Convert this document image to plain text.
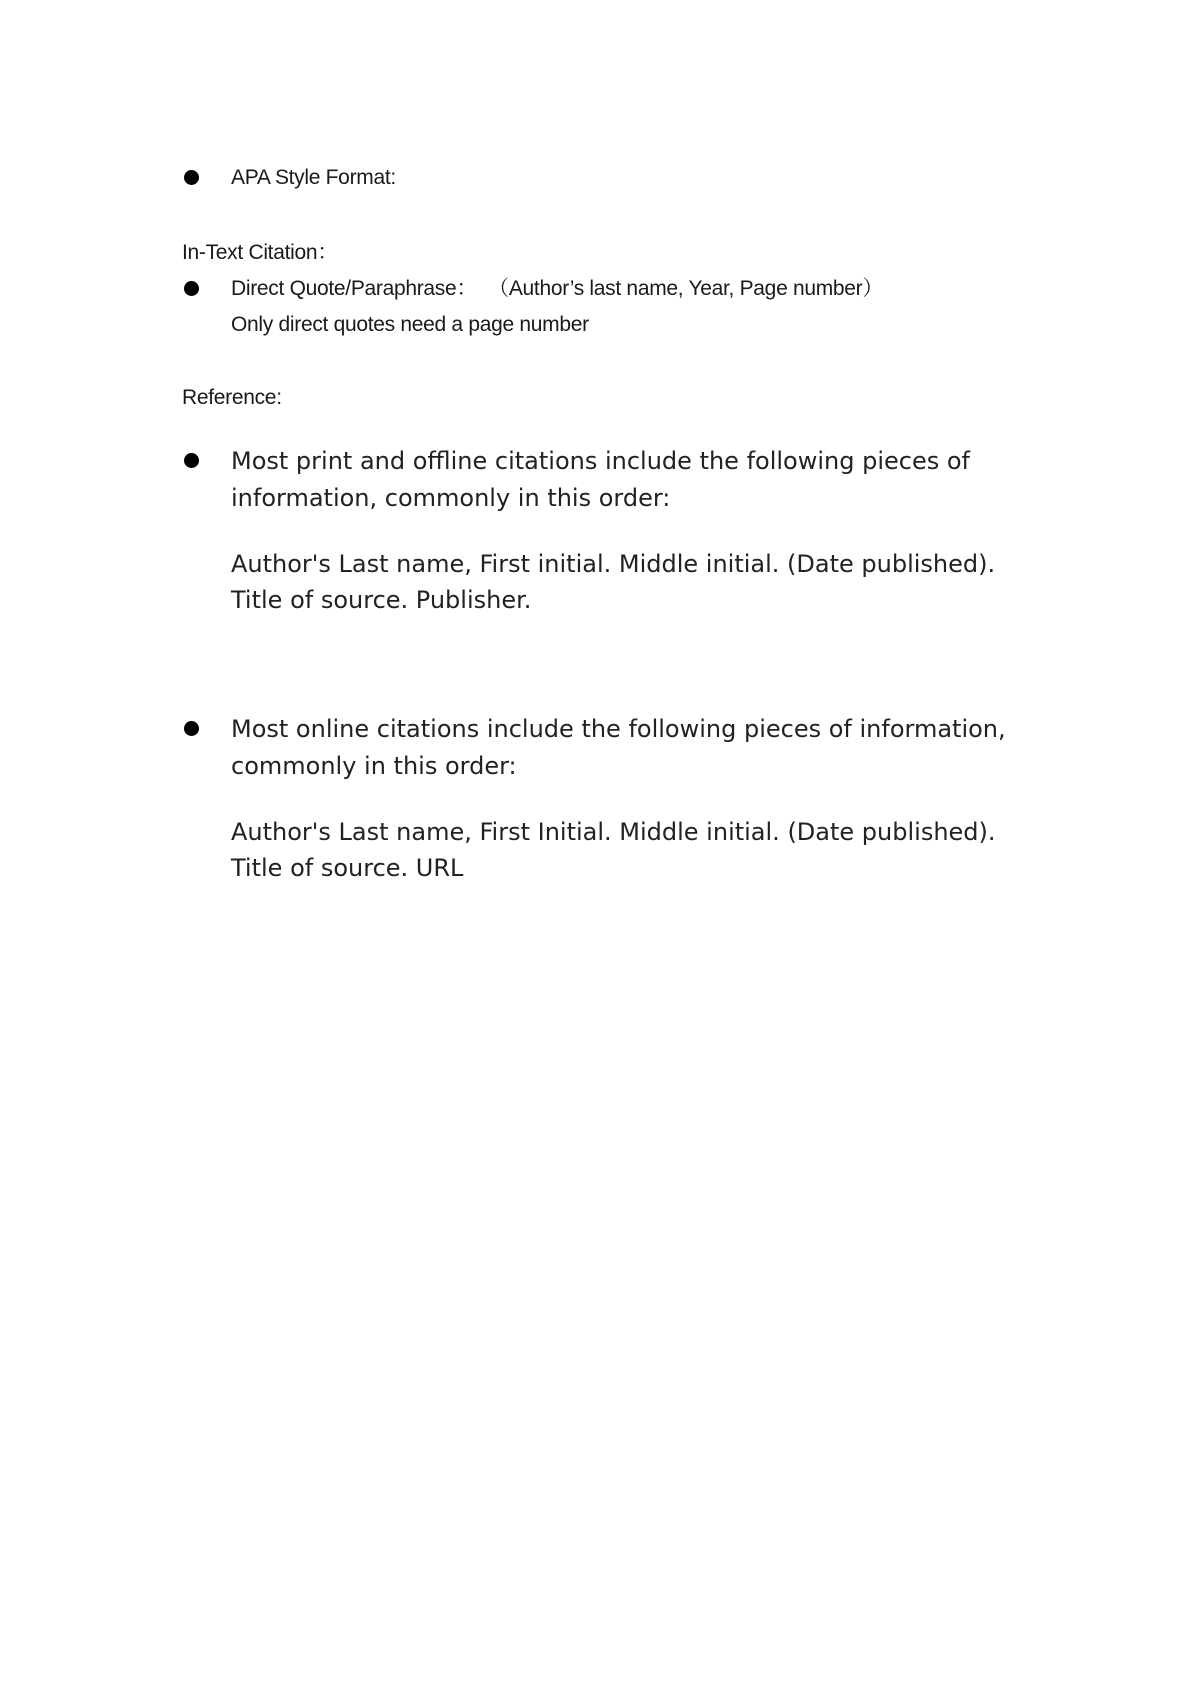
APA Style Format:
In-Text Citation：
Direct Quote/Paraphrase：  （Author’s last name, Year, Page number）
Only direct quotes need a page number
Reference:
Most print and offline citations include the following pieces of
information, commonly in this order:
Author's Last name, First initial. Middle initial. (Date published).
Title of source. Publisher.
Most online citations include the following pieces of information,
commonly in this order:
Author's Last name, First Initial. Middle initial. (Date published).
Title of source. URL
